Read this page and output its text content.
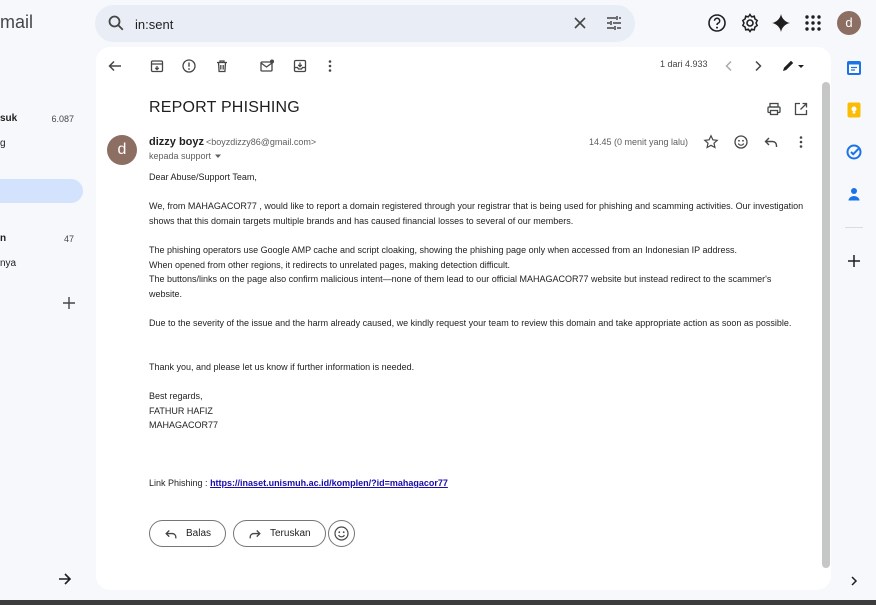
mail
suk	6.087
g
n	47
nya
in:sent
d
1 dari 4.933
REPORT PHISHING
d	dizzy boyz <boyzdizzy86@gmail.com>
kepada support
14.45 (0 menit yang lalu)
Dear Abuse/Support Team,
We, from MAHAGACOR77 , would like to report a domain registered through your registrar that is being used for phishing and scamming activities. Our investigation shows that this domain targets multiple brands and has caused financial losses to several of our members.
The phishing operators use Google AMP cache and script cloaking, showing the phishing page only when accessed from an Indonesian IP address.
When opened from other regions, it redirects to unrelated pages, making detection difficult.
The buttons/links on the page also confirm malicious intent—none of them lead to our official MAHAGACOR77 website but instead redirect to the scammer's website.
Due to the severity of the issue and the harm already caused, we kindly request your team to review this domain and take appropriate action as soon as possible.
Thank you, and please let us know if further information is needed.
Best regards,
FATHUR HAFIZ
MAHAGACOR77
Link Phishing : https://inaset.unismuh.ac.id/komplen/?id=mahagacor77
Balas	Teruskan
